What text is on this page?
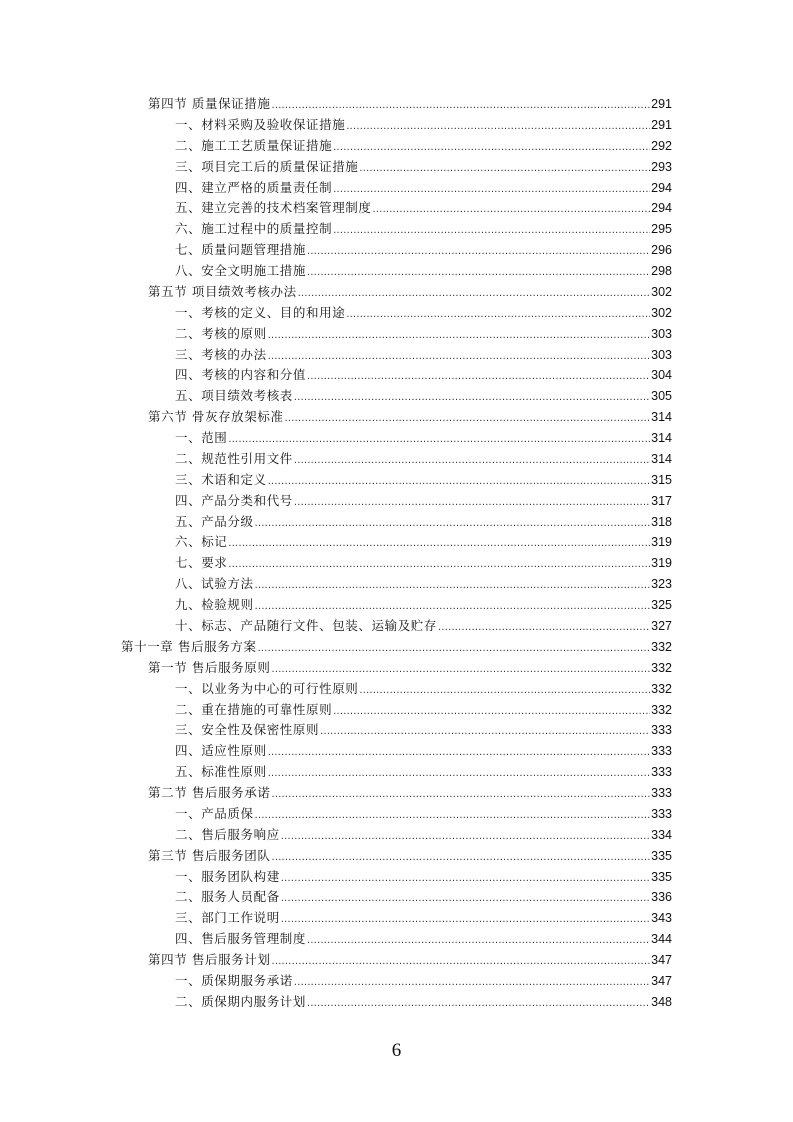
第四节 质量保证措施 .....	291
一、材料采购及验收保证措施 .....	291
二、施工工艺质量保证措施 .....	292
三、项目完工后的质量保证措施 .....	293
四、建立严格的质量责任制 .....	294
五、建立完善的技术档案管理制度 .....	294
六、施工过程中的质量控制 .....	295
七、质量问题管理措施 .....	296
八、安全文明施工措施 .....	298
第五节 项目绩效考核办法 .....	302
一、考核的定义、目的和用途 .....	302
二、考核的原则 .....	303
三、考核的办法 .....	303
四、考核的内容和分值 .....	304
五、项目绩效考核表 .....	305
第六节 骨灰存放架标准 .....	314
一、范围 .....	314
二、规范性引用文件 .....	314
三、术语和定义 .....	315
四、产品分类和代号 .....	317
五、产品分级 .....	318
六、标记 .....	319
七、要求 .....	319
八、试验方法 .....	323
九、检验规则 .....	325
十、标志、产品随行文件、包装、运输及贮存 .....	327
第十一章 售后服务方案 .....	332
第一节 售后服务原则 .....	332
一、以业务为中心的可行性原则 .....	332
二、重在措施的可靠性原则 .....	332
三、安全性及保密性原则 .....	333
四、适应性原则 .....	333
五、标准性原则 .....	333
第二节 售后服务承诺 .....	333
一、产品质保 .....	333
二、售后服务响应 .....	334
第三节 售后服务团队 .....	335
一、服务团队构建 .....	335
二、服务人员配备 .....	336
三、部门工作说明 .....	343
四、售后服务管理制度 .....	344
第四节 售后服务计划 .....	347
一、质保期服务承诺 .....	347
二、质保期内服务计划 .....	348
6
